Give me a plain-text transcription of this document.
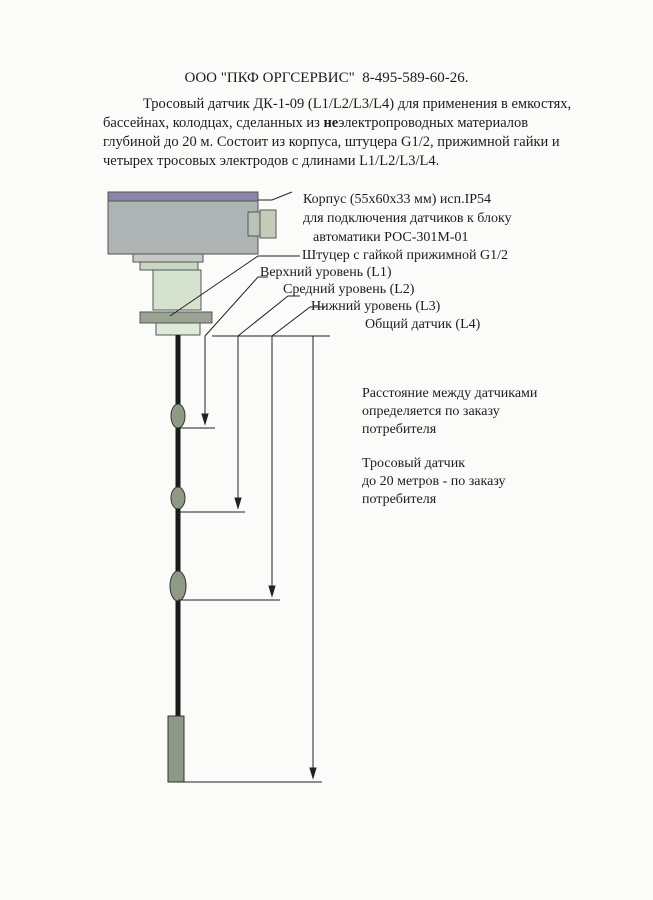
ООО "ПКФ ОРГСЕРВИС" 8-495-589-60-26.
Тросовый датчик ДК-1-09 (L1/L2/L3/L4) для применения в емкостях,
бассейнах, колодцах, сделанных из неэлектропроводных материалов
глубиной до 20 м. Состоит из корпуса, штуцера G1/2, прижимной гайки и
четырех тросовых электродов с длинами L1/L2/L3/L4.
Корпус (55х60х33 мм) исп.IP54
для подключения датчиков к блоку
автоматики РОС-301М-01
Штуцер с гайкой прижимной G1/2
Верхний уровень (L1)
Средний уровень (L2)
Нижний уровень (L3)
Общий датчик (L4)
Расстояние между датчиками
определяется по заказу
потребителя
Тросовый датчик
до 20 метров - по заказу
потребителя
